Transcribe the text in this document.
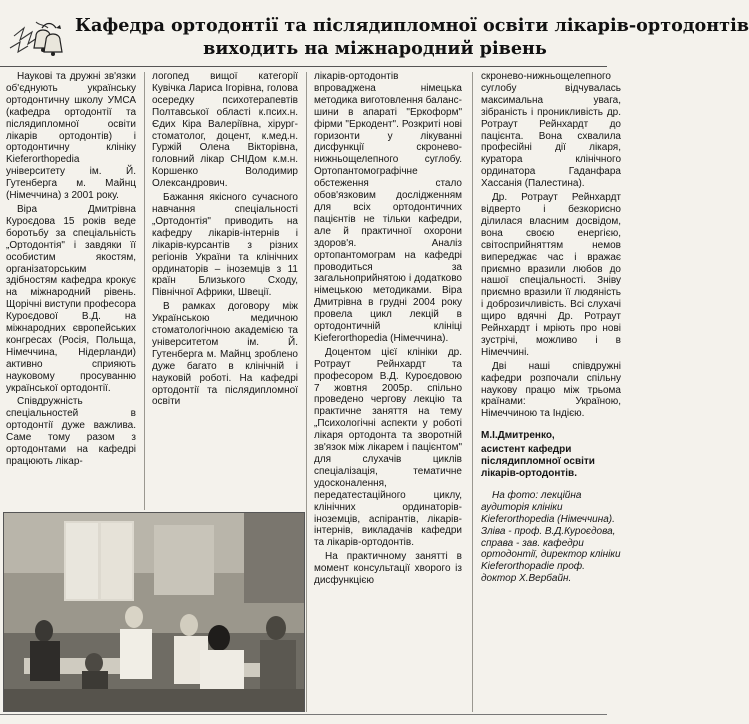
Кафедра ортодонтії та післядипломної освіти лікарів-ортодонтів
виходить на міжнародний рівень

Наукові та дружні зв'язки об'єднують українську ортодонтичну школу УМСА (кафедра ортодонтії та післядипломної освіти лікарів ортодонтів) і ортодонтичну клініку Kieferorthopedia університету ім. Й. Гутенберга м. Майнц (Німеччина) з 2001 року.

Віра Дмитрівна Куроєдова 15 років веде боротьбу за спеціальність „Ортодонтія" і завдяки її особистим якостям, організаторським здібностям кафедра крокує на міжнародний рівень. Щорічні виступи професора Куроєдової В.Д. на міжнародних європейських конгресах (Росія, Польща, Німеччина, Нідерланди) активно сприяють науковому просуванню української ортодонтії.

Співдружність спеціальностей в ортодонтії дуже важлива. Саме тому разом з ортодонтами на кафедрі працюють лікар-

логопед вищої категорії Кувічка Лариса Ігорівна, голова осередку психотерапевтів Полтавської області к.псих.н. Єдих Кіра Валеріївна, хірург-стоматолог, доцент, к.мед.н. Гуржій Олена Вікторівна, головний лікар СНІДом к.м.н. Коршенко Володимир Олександрович.

Бажання якісного сучасного навчання спеціальності „Ортодонтія" приводить на кафедру лікарів-інтернів і лікарів-курсантів з різних регіонів України та клінічних ординаторів – іноземців з 11 країн Близького Сходу, Північної Африки, Швеції.

В рамках договору між Українською медичною стоматологічною академією та університетом ім. Й. Гутенберга м. Майнц зроблено дуже багато в клінічній і науковій роботі. На кафедрі ортодонтії та післядипломної освіти

лікарів-ортодонтів впроваджена німецька методика виготовлення баланс-шини в апараті "Еркоформ" фірми "Еркодент". Розкриті нові горизонти у лікуванні дисфункції скронево-нижньощелепного суглобу. Ортопантомографічне обстеження стало обов'язковим дослідженням для всіх ортодонтичних пацієнтів не тільки кафедри, але й практичної охорони здоров'я. Аналіз ортопантомограм на кафедрі проводиться за загальноприйнятою і додатково німецькою методиками. Віра Дмитрівна в грудні 2004 року провела цикл лекцій в ортодонтичній клініці Kieferorthopedia (Німеччина).

Доцентом цієї клініки др. Ротраут Рейнхардт та професором В.Д. Куроєдовою 7 жовтня 2005р. спільно проведено чергову лекцію та практичне заняття на тему „Психологічні аспекти у роботі лікаря ортодонта та зворотній зв'язок між лікарем і пацієнтом" для слухачів циклів спеціалізація, тематичне удосконалення, передатестаційного циклу, клінічних ординаторів-іноземців, аспірантів, лікарів-інтернів, викладачів кафедри та лікарів-ортодонтів.

На практичному занятті в момент консультації хворого із дисфункцією

скронево-нижньощелепного суглобу відчувалась максимальна увага, зібраність і проникливість др. Ротраут Рейнхардт до пацієнта. Вона схвалила професійні дії лікаря, куратора клінічного ординатора Гаданфара Хассанія (Палестина).

Др. Ротраут Рейнхардт відверто і безкорисно ділилася власним досвідом, вона своєю енергією, світосприйняттям немов випереджає час і вражає приємно вразили любов до нашої спеціальності. Зніву приємно вразили її людяність і доброзичливість. Всі слухачі щиро вдячні Др. Ротраут Рейнхардт і мріють про нові зустрічі, можливо і в Німеччині.

Дві наші співдружні кафедри розпочали спільну наукову працю між трьома країнами: Україною, Німеччиною та Індією.

М.І.Дмитренко,

асистент кафедри післядипломної освіти лікарів-ортодонтів.

На фото: лекційна аудиторія клініки Kieferorthopedia (Німеччина). Зліва - проф. В.Д.Куроєдова, справа - зав. кафедри ортодонтії, директор клініки Kieferorthopadie проф. доктор Х.Вербайн.
